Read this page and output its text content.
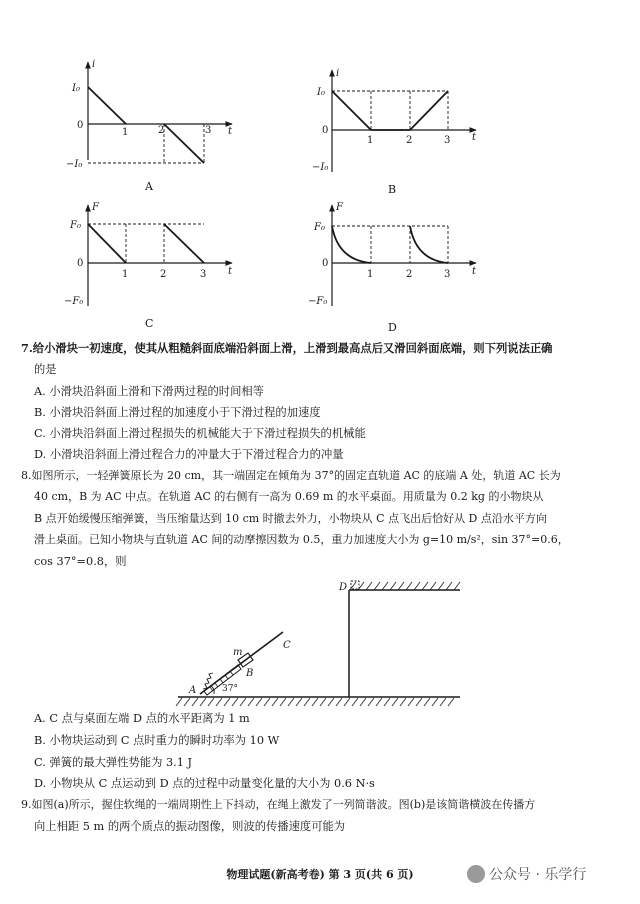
i
I₀
0
−I₀
t
1	2	3
A
i
I₀
0
−I₀
t
1	2	3
B
F
F₀
0
−F₀
t
1	2	3
C
F
F₀
0
−F₀
t
1	2	3
D
7.给小滑块一初速度，使其从粗糙斜面底端沿斜面上滑，上滑到最高点后又滑回斜面底端，则下列说法正确
的是
A. 小滑块沿斜面上滑和下滑两过程的时间相等
B. 小滑块沿斜面上滑过程的加速度小于下滑过程的加速度
C. 小滑块沿斜面上滑过程损失的机械能大于下滑过程损失的机械能
D. 小滑块沿斜面上滑过程合力的冲量大于下滑过程合力的冲量
8.如图所示，一轻弹簧原长为 20 cm，其一端固定在倾角为 37°的固定直轨道 AC 的底端 A 处，轨道 AC 长为
40 cm，B 为 AC 中点。在轨道 AC 的右侧有一高为 0.69 m 的水平桌面。用质量为 0.2 kg 的小物块从
B 点开始缓慢压缩弹簧，当压缩量达到 10 cm 时撤去外力，小物块从 C 点飞出后恰好从 D 点沿水平方向
滑上桌面。已知小物块与直轨道 AC 间的动摩擦因数为 0.5，重力加速度大小为 g=10 m/s²，sin 37°=0.6，
cos 37°=0.8，则
D
C
m
B
A	37°
A. C 点与桌面左端 D 点的水平距离为 1 m
B. 小物块运动到 C 点时重力的瞬时功率为 10 W
C. 弹簧的最大弹性势能为 3.1 J
D. 小物块从 C 点运动到 D 点的过程中动量变化量的大小为 0.6 N·s
9.如图(a)所示，握住软绳的一端周期性上下抖动，在绳上激发了一列简谐波。图(b)是该简谐横波在传播方
向上相距 5 m 的两个质点的振动图像，则波的传播速度可能为
物理试题(新高考卷) 第 3 页(共 6 页)	公众号 · 乐学行
